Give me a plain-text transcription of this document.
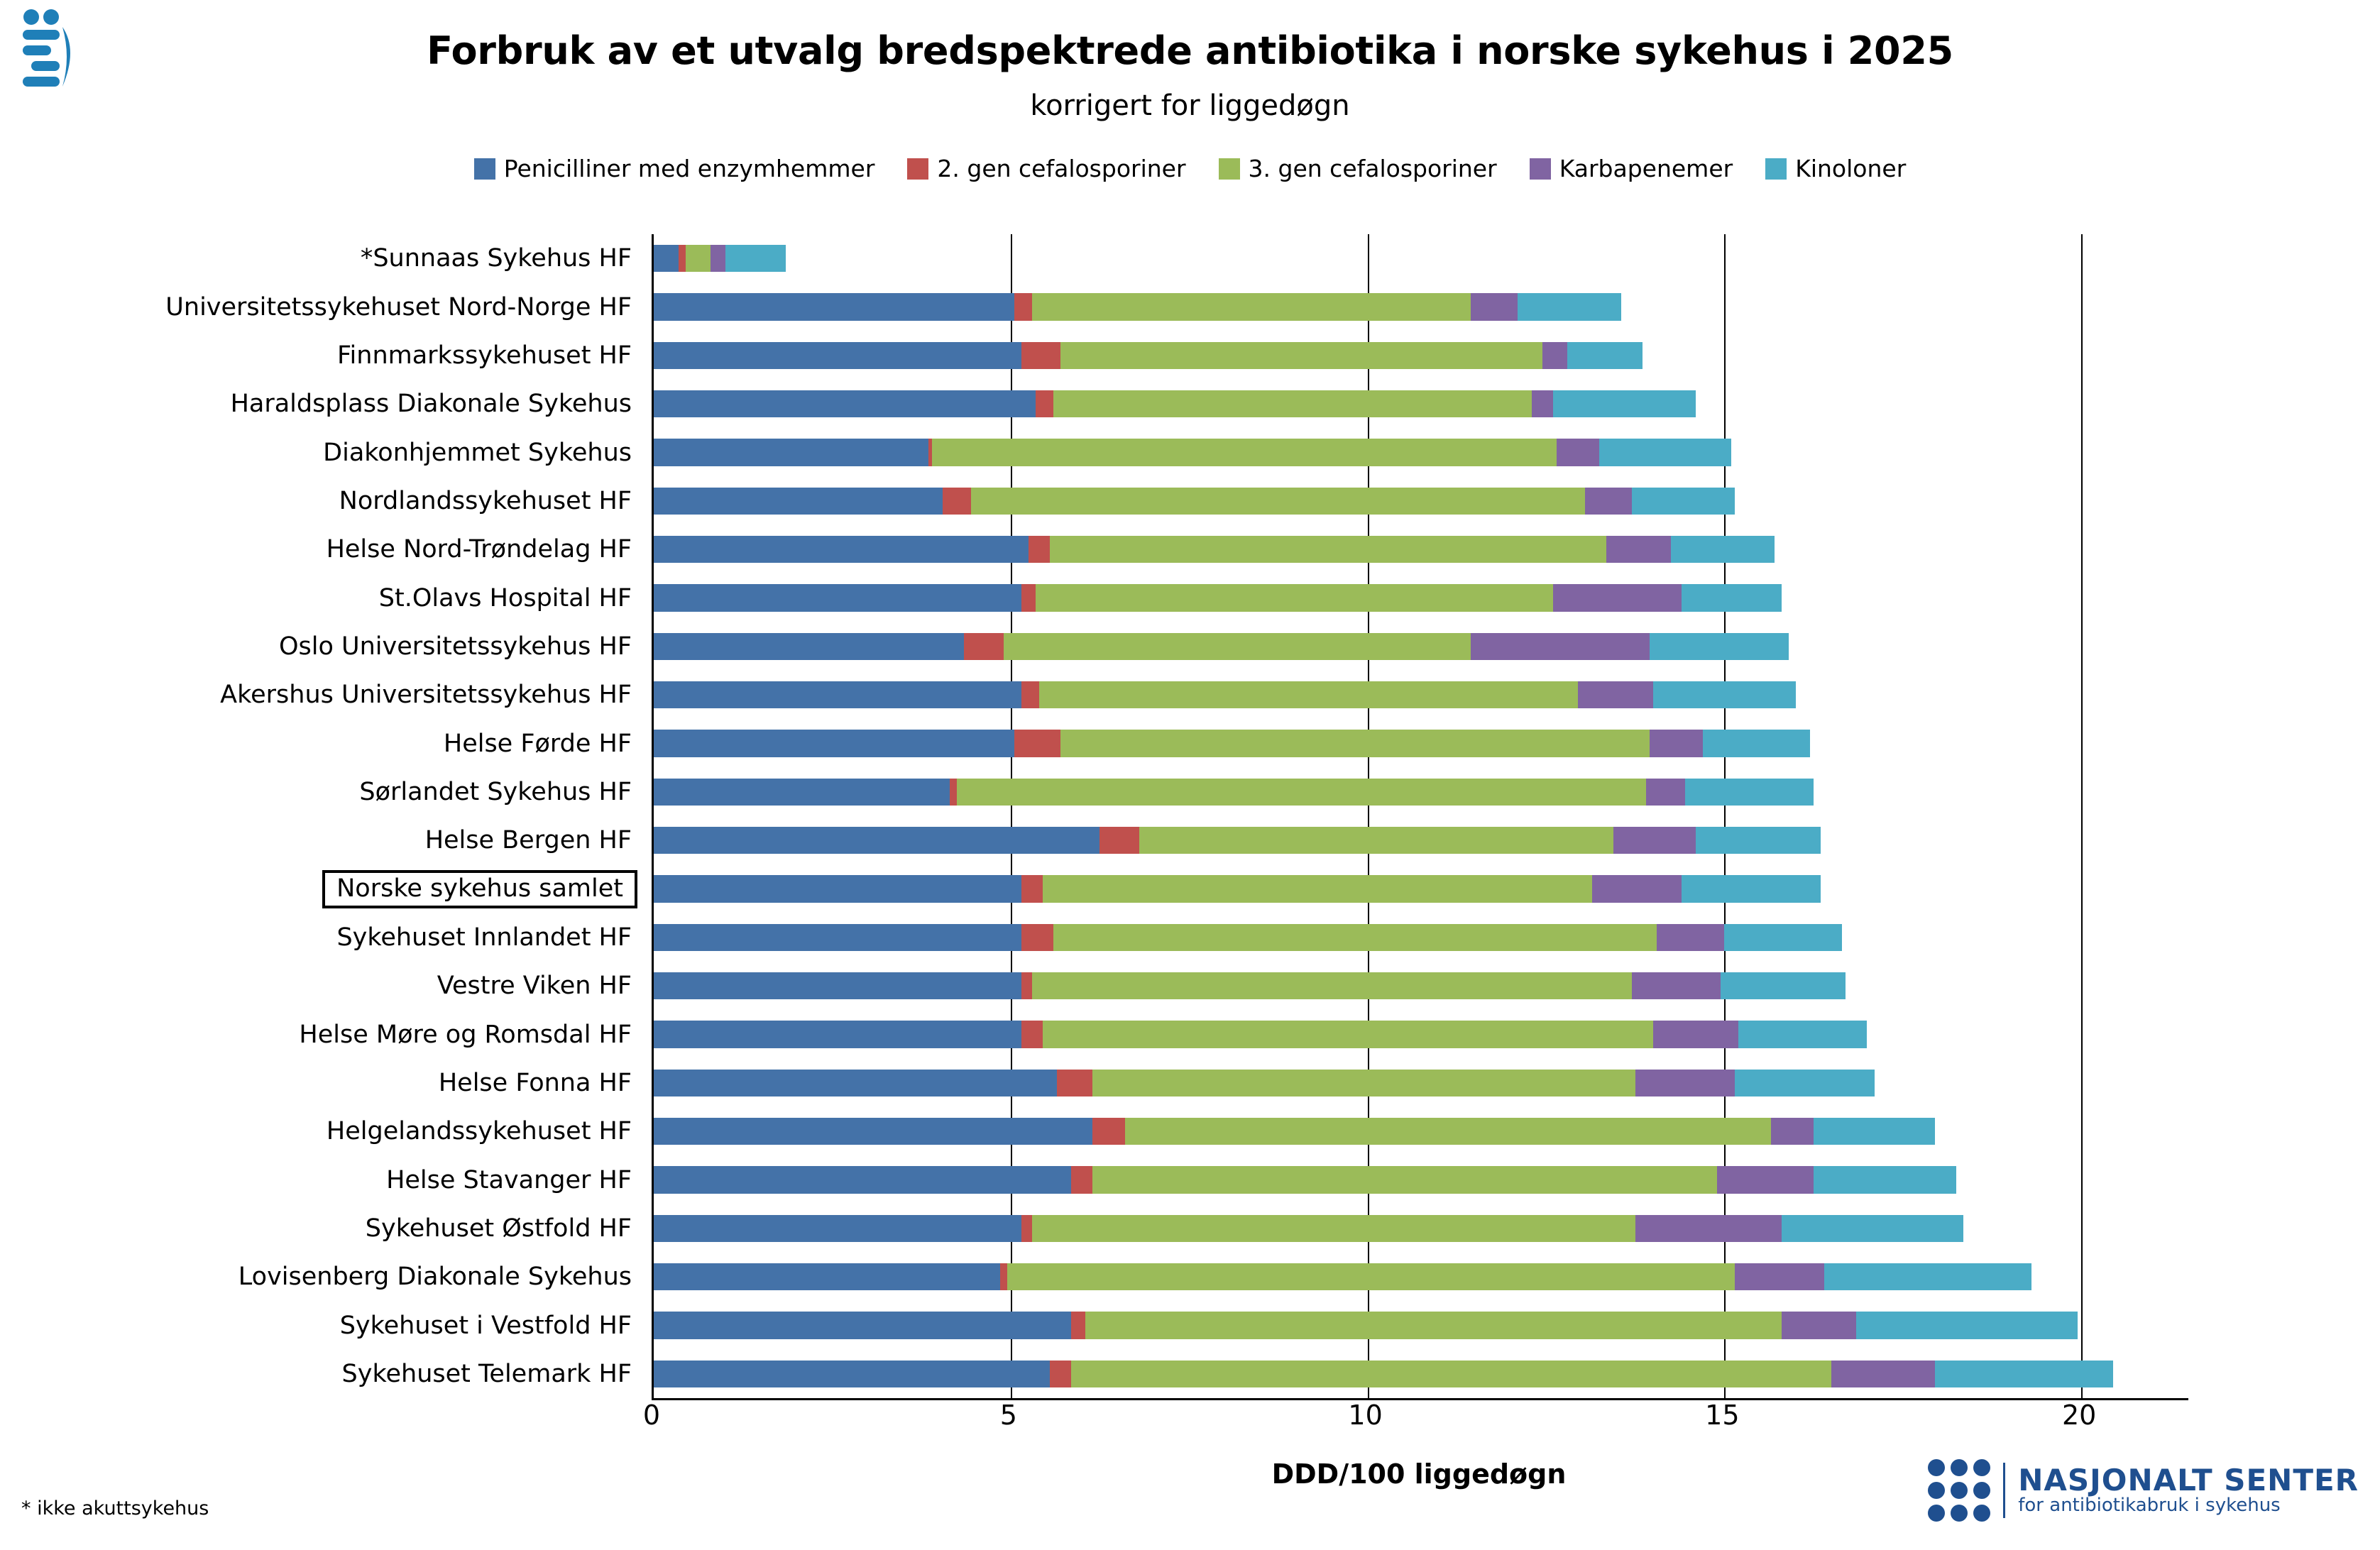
Forbruk av et utvalg bredspektrede antibiotika i norske sykehus i 2025
korrigert for liggedøgn
Penicilliner med enzymhemmer	2. gen cefalosporiner	3. gen cefalosporiner	Karbapenemer	Kinoloner
*Sunnaas Sykehus HF
Universitetssykehuset Nord-Norge HF
Finnmarkssykehuset HF
Haraldsplass Diakonale Sykehus
Diakonhjemmet Sykehus
Nordlandssykehuset HF
Helse Nord-Trøndelag HF
St.Olavs Hospital HF
Oslo Universitetssykehus HF
Akershus Universitetssykehus HF
Helse Førde HF
Sørlandet Sykehus HF
Helse Bergen HF
Norske sykehus samlet
Sykehuset Innlandet HF
Vestre Viken HF
Helse Møre og Romsdal HF
Helse Fonna HF
Helgelandssykehuset HF
Helse Stavanger HF
Sykehuset Østfold HF
Lovisenberg Diakonale Sykehus
Sykehuset i Vestfold HF
Sykehuset Telemark HF
0	5	10	15	20
DDD/100 liggedøgn
* ikke akuttsykehus
NASJONALT SENTER
for antibiotikabruk i sykehus
